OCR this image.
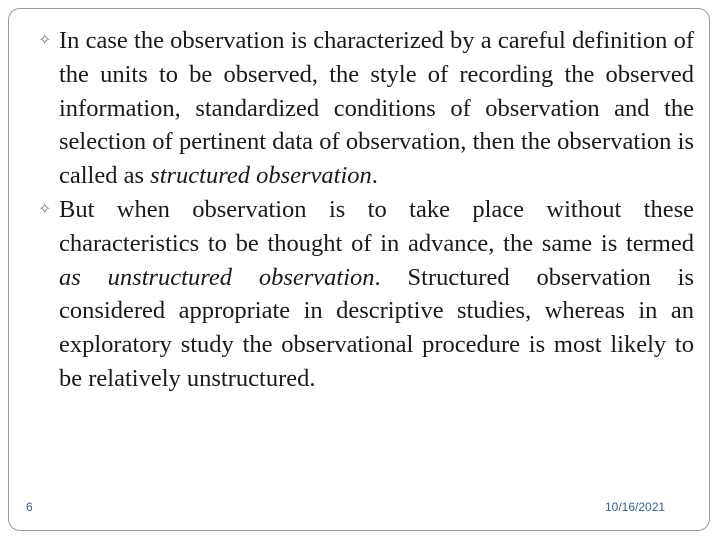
✧ In case the observation is characterized by a careful definition of the units to be observed, the style of recording the observed information, standardized conditions of observation and the selection of pertinent data of observation, then the observation is called as structured observation.

✧ But when observation is to take place without these characteristics to be thought of in advance, the same is termed as unstructured observation. Structured observation is considered appropriate in descriptive studies, whereas in an exploratory study the observational procedure is most likely to be relatively unstructured.

6	10/16/2021
